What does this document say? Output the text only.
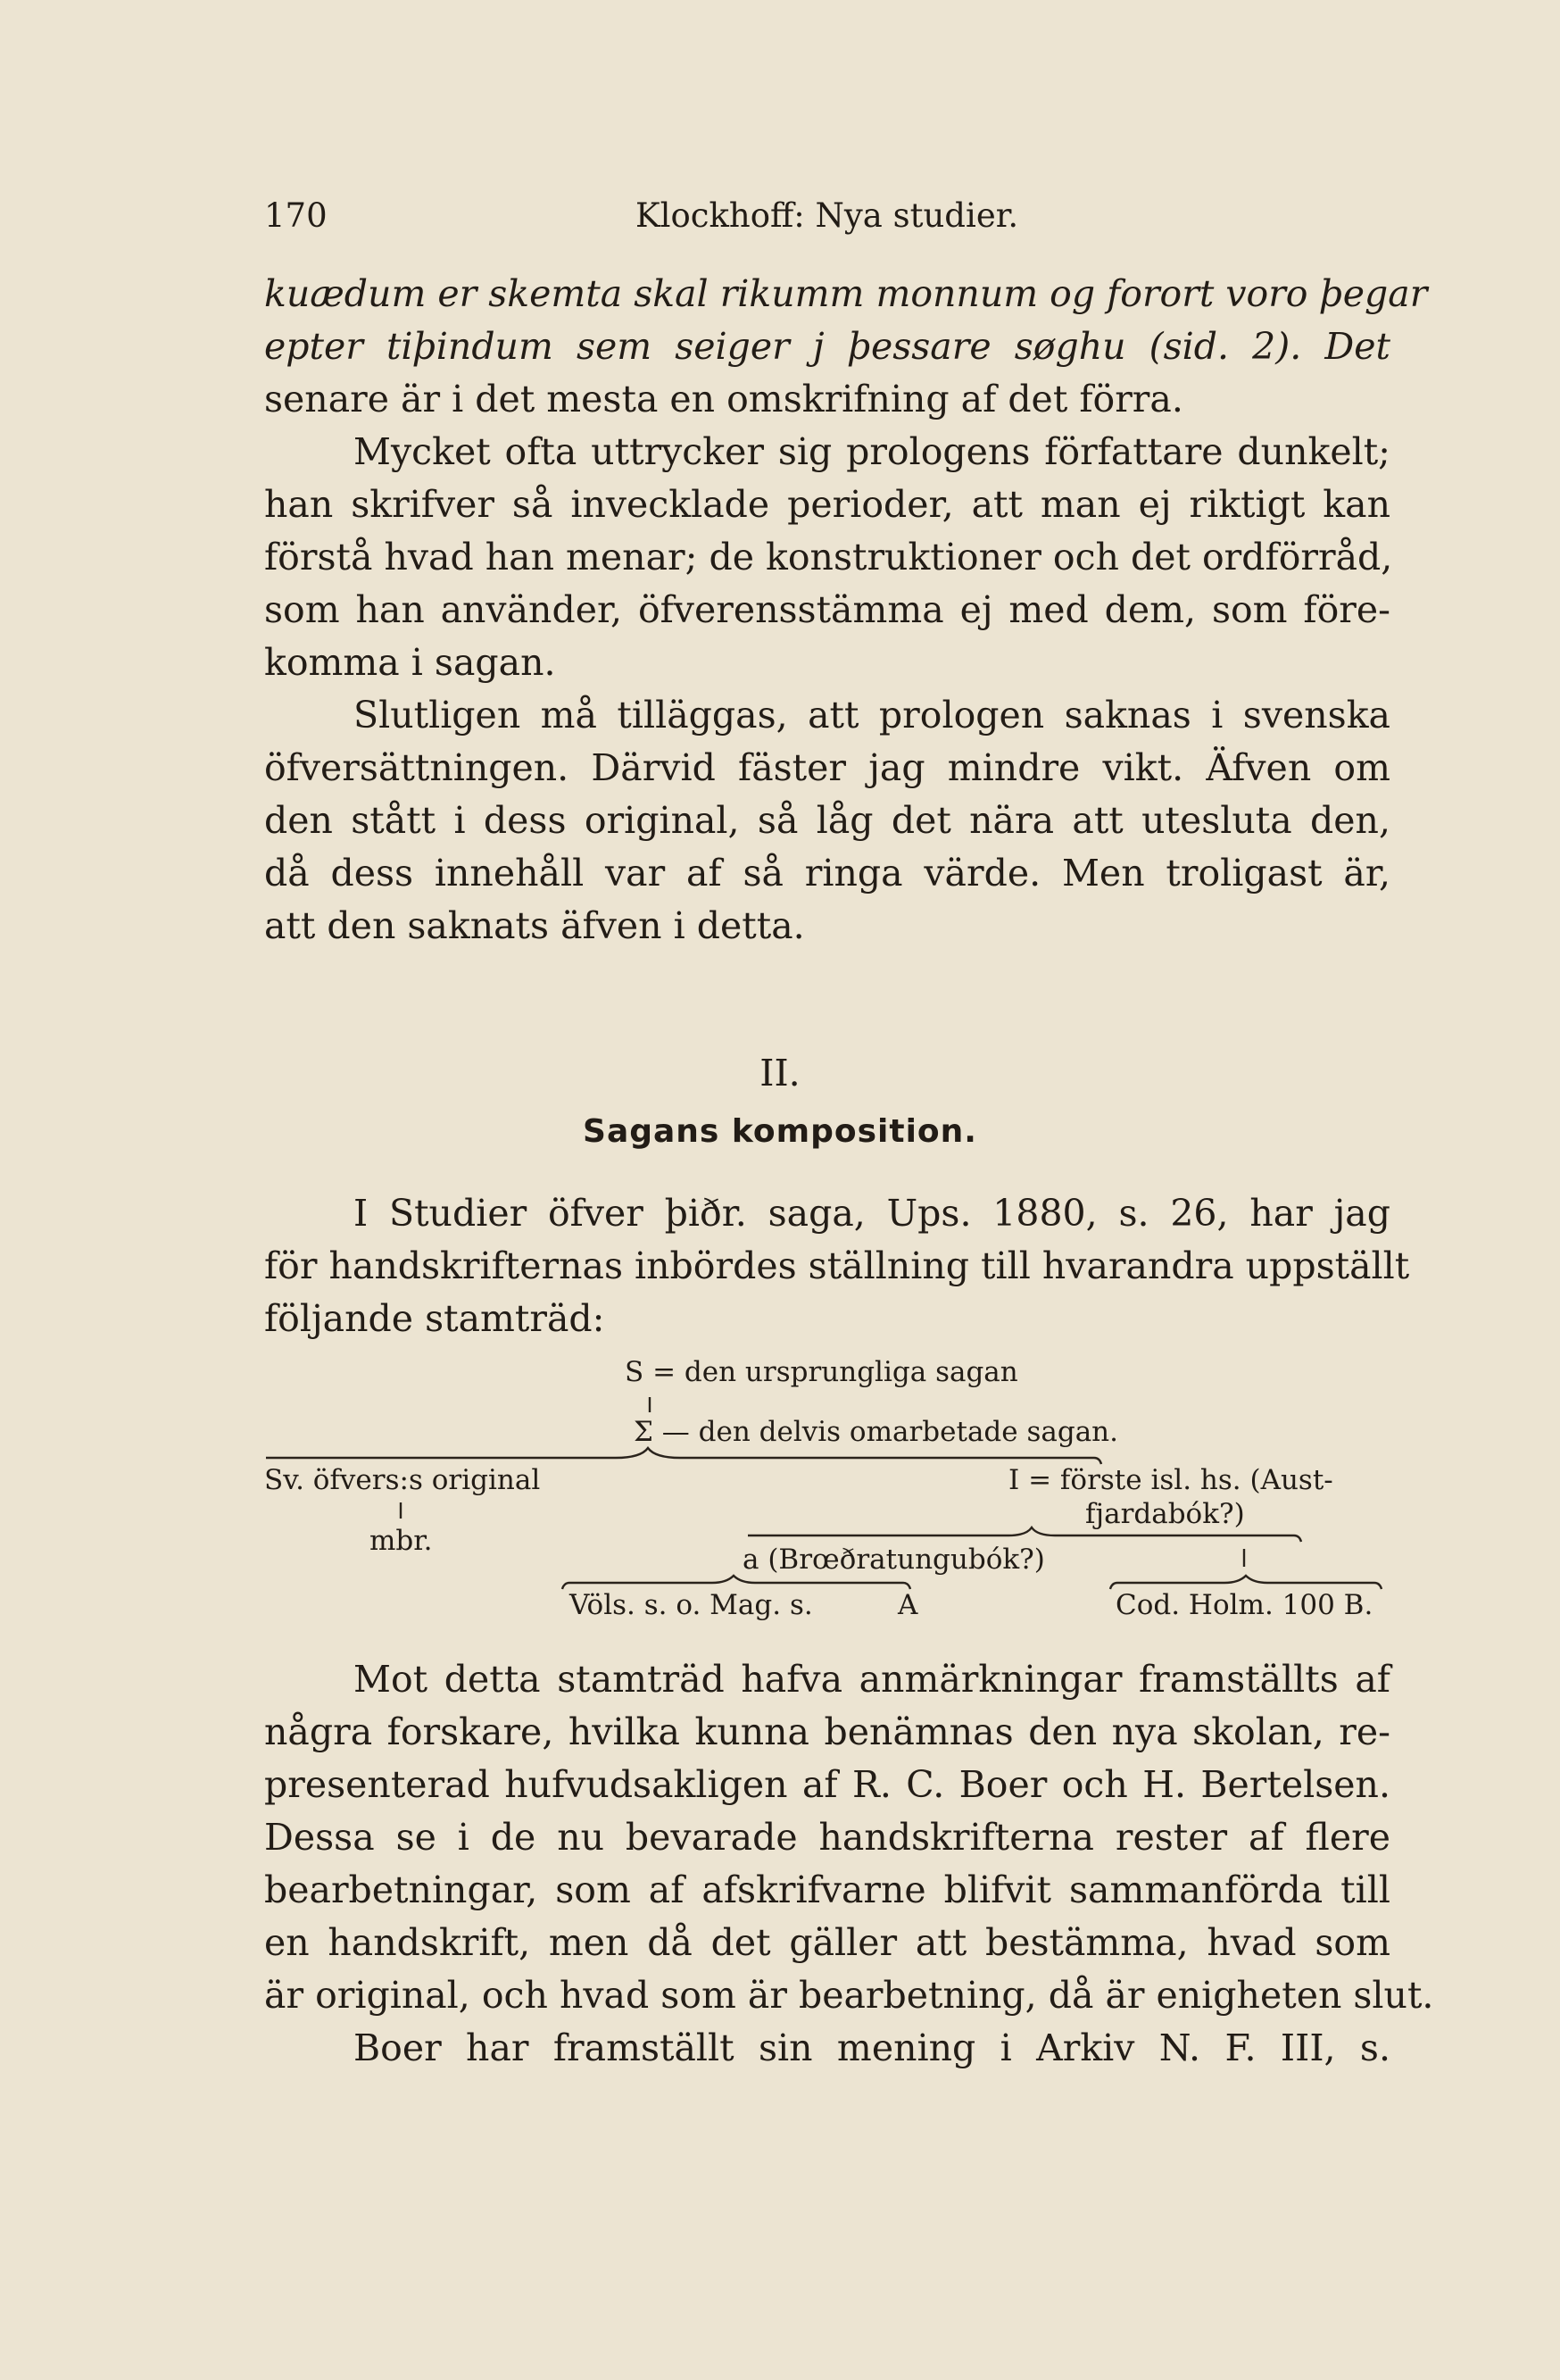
170	Klockhoff: Nya studier.
kuædum er skemta skal rikumm monnum og forort voro þegar
epter tiþindum sem seiger j þessare søghu (sid. 2). Det
senare är i det mesta en omskrifning af det förra.
Mycket ofta uttrycker sig prologens författare dunkelt;
han skrifver så invecklade perioder, att man ej riktigt kan
förstå hvad han menar; de konstruktioner och det ordförråd,
som han använder, öfverensstämma ej med dem, som före-
komma i sagan.
Slutligen må tilläggas, att prologen saknas i svenska
öfversättningen. Därvid fäster jag mindre vikt. Äfven om
den stått i dess original, så låg det nära att utesluta den,
då dess innehåll var af så ringa värde. Men troligast är,
att den saknats äfven i detta.
II.
Sagans komposition.
I Studier öfver þiðr. saga, Ups. 1880, s. 26, har jag
för handskrifternas inbördes ställning till hvarandra uppställt
följande stamträd:
S = den ursprungliga sagan
Σ — den delvis omarbetade sagan.
Sv. öfvers:s original
mbr.
I = förste isl. hs. (Aust-
fjardabók?)
a (Brœðratungubók?)
Völs. s. o. Mag. s.	A	Cod. Holm. 100 B.
Mot detta stamträd hafva anmärkningar framställts af
några forskare, hvilka kunna benämnas den nya skolan, re-
presenterad hufvudsakligen af R. C. Boer och H. Bertelsen.
Dessa se i de nu bevarade handskrifterna rester af flere
bearbetningar, som af afskrifvarne blifvit sammanförda till
en handskrift, men då det gäller att bestämma, hvad som
är original, och hvad som är bearbetning, då är enigheten slut.
Boer har framställt sin mening i Arkiv N. F. III, s.
